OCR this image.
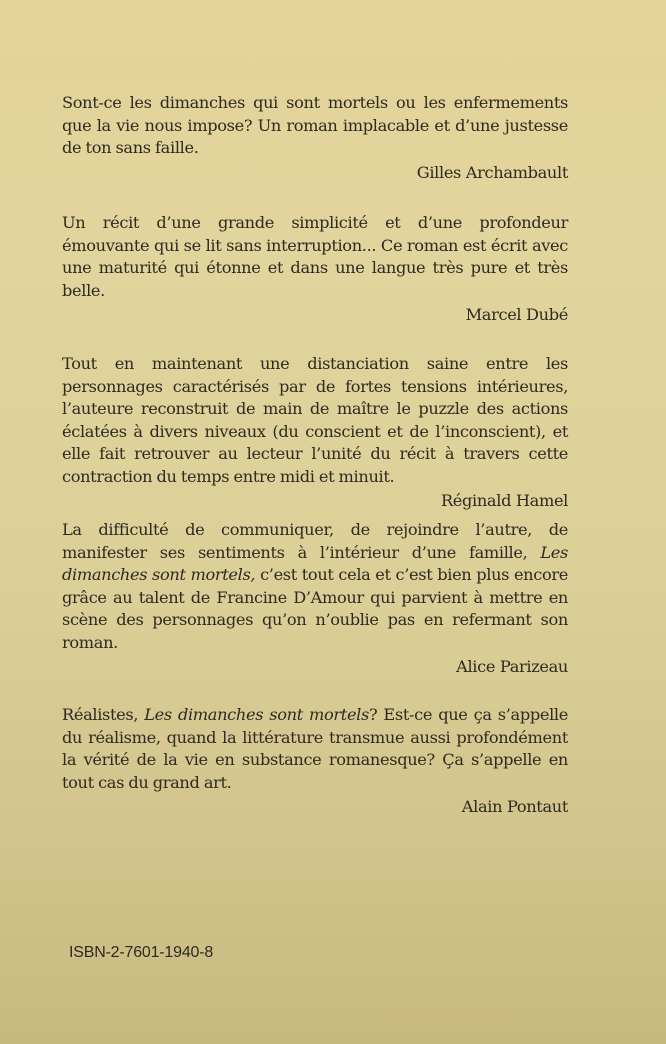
Sont-ce les dimanches qui sont mortels ou les enfermements que la vie nous impose? Un roman implacable et d’une justesse de ton sans faille.

Gilles Archambault

Un récit d’une grande simplicité et d’une profondeur émouvante qui se lit sans interruption... Ce roman est écrit avec une maturité qui étonne et dans une langue très pure et très belle.

Marcel Dubé

Tout en maintenant une distanciation saine entre les personnages caractérisés par de fortes tensions intérieures, l’auteure reconstruit de main de maître le puzzle des actions éclatées à divers niveaux (du conscient et de l’inconscient), et elle fait retrouver au lecteur l’unité du récit à travers cette contraction du temps entre midi et minuit.

Réginald Hamel

La difficulté de communiquer, de rejoindre l’autre, de manifester ses sentiments à l’intérieur d’une famille, Les dimanches sont mortels, c’est tout cela et c’est bien plus encore grâce au talent de Francine D’Amour qui parvient à mettre en scène des personnages qu’on n’oublie pas en refermant son roman.

Alice Parizeau

Réalistes, Les dimanches sont mortels? Est-ce que ça s’appelle du réalisme, quand la littérature transmue aussi profondément la vérité de la vie en substance romanesque? Ça s’appelle en tout cas du grand art.

Alain Pontaut
ISBN-2-7601-1940-8
